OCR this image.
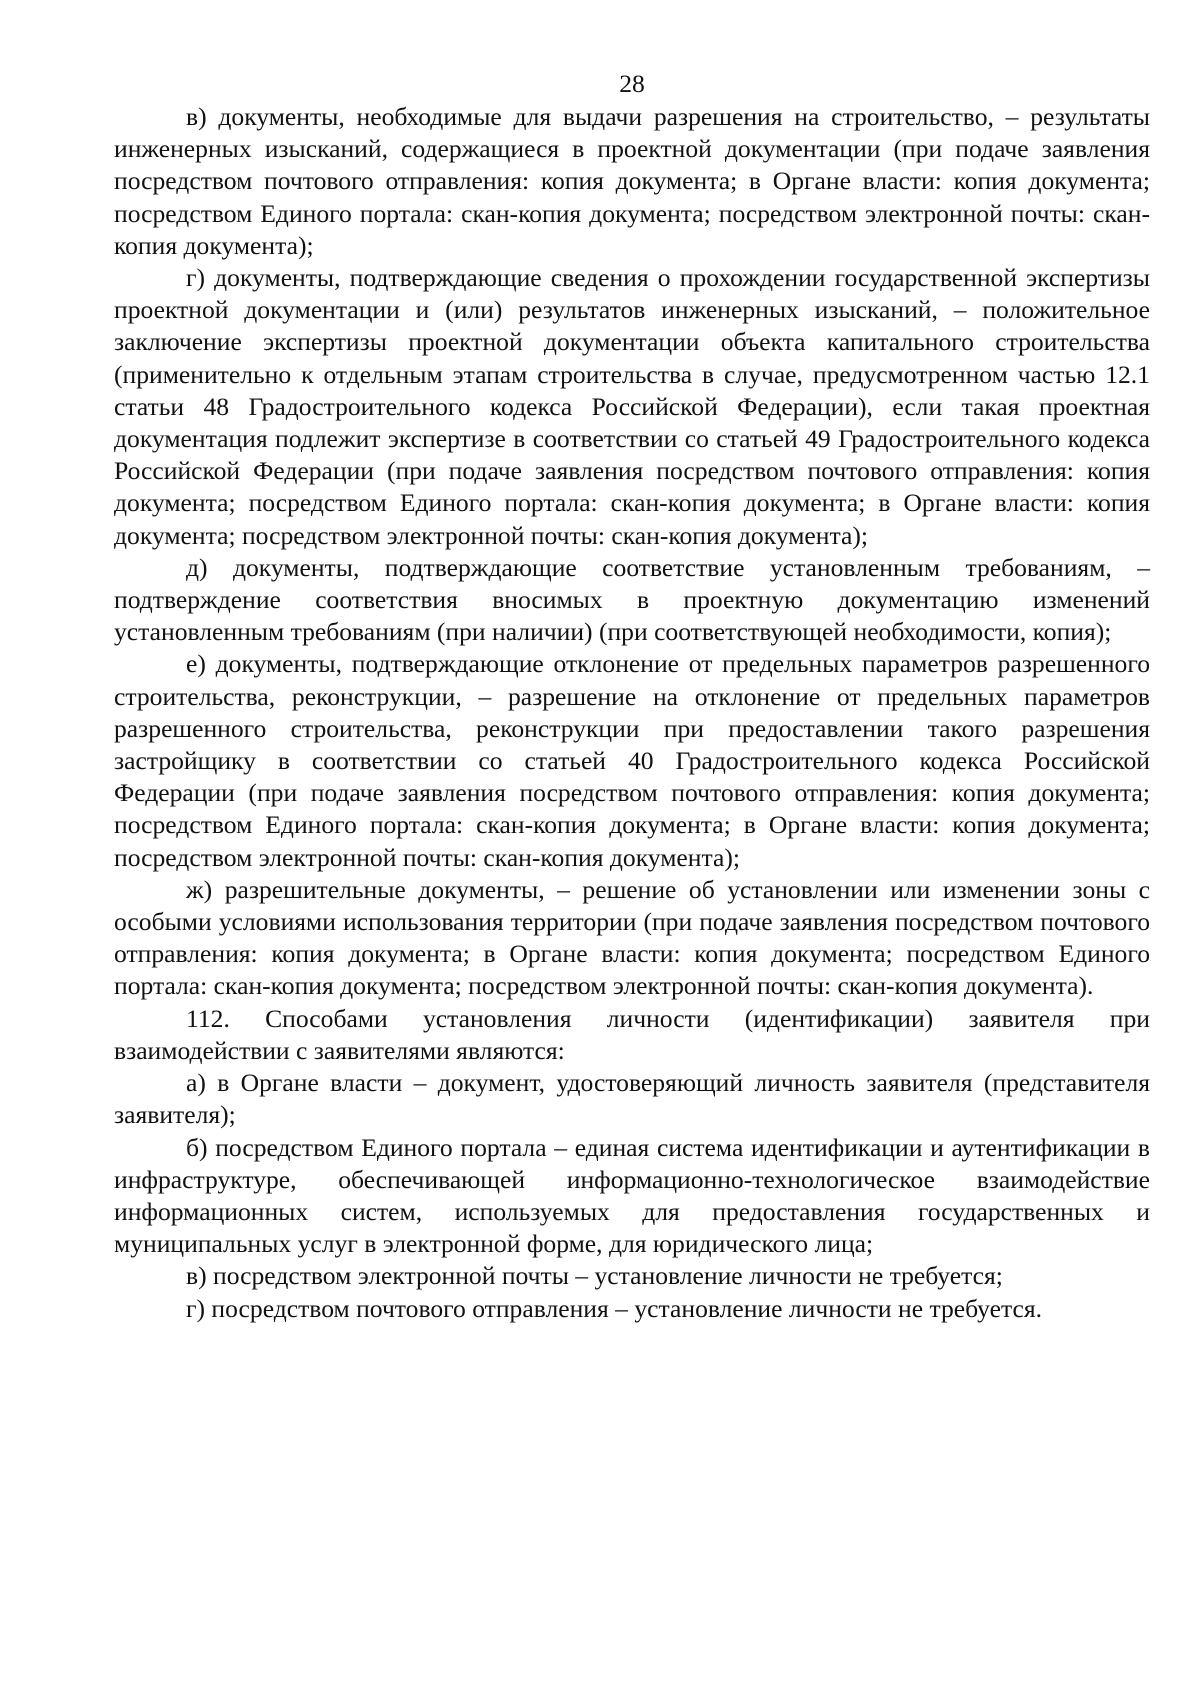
28

в) документы, необходимые для выдачи разрешения на строительство, – результаты инженерных изысканий, содержащиеся в проектной документации (при подаче заявления посредством почтового отправления: копия документа; в Органе власти: копия документа; посредством Единого портала: скан-копия документа; посредством электронной почты: скан-копия документа);

г) документы, подтверждающие сведения о прохождении государственной экспертизы проектной документации и (или) результатов инженерных изысканий, – положительное заключение экспертизы проектной документации объекта капитального строительства (применительно к отдельным этапам строительства в случае, предусмотренном частью 12.1 статьи 48 Градостроительного кодекса Российской Федерации), если такая проектная документация подлежит экспертизе в соответствии со статьей 49 Градостроительного кодекса Российской Федерации (при подаче заявления посредством почтового отправления: копия документа; посредством Единого портала: скан-копия документа; в Органе власти: копия документа; посредством электронной почты: скан-копия документа);

д) документы, подтверждающие соответствие установленным требованиям, – подтверждение соответствия вносимых в проектную документацию изменений установленным требованиям (при наличии) (при соответствующей необходимости, копия);

е) документы, подтверждающие отклонение от предельных параметров разрешенного строительства, реконструкции, – разрешение на отклонение от предельных параметров разрешенного строительства, реконструкции при предоставлении такого разрешения застройщику в соответствии со статьей 40 Градостроительного кодекса Российской Федерации (при подаче заявления посредством почтового отправления: копия документа; посредством Единого портала: скан-копия документа; в Органе власти: копия документа; посредством электронной почты: скан-копия документа);

ж) разрешительные документы, – решение об установлении или изменении зоны с особыми условиями использования территории (при подаче заявления посредством почтового отправления: копия документа; в Органе власти: копия документа; посредством Единого портала: скан-копия документа; посредством электронной почты: скан-копия документа).

112. Способами установления личности (идентификации) заявителя при взаимодействии с заявителями являются:

а) в Органе власти – документ, удостоверяющий личность заявителя (представителя заявителя);

б) посредством Единого портала – единая система идентификации и аутентификации в инфраструктуре, обеспечивающей информационно-технологическое взаимодействие информационных систем, используемых для предоставления государственных и муниципальных услуг в электронной форме, для юридического лица;

в) посредством электронной почты – установление личности не требуется;

г) посредством почтового отправления – установление личности не требуется.
